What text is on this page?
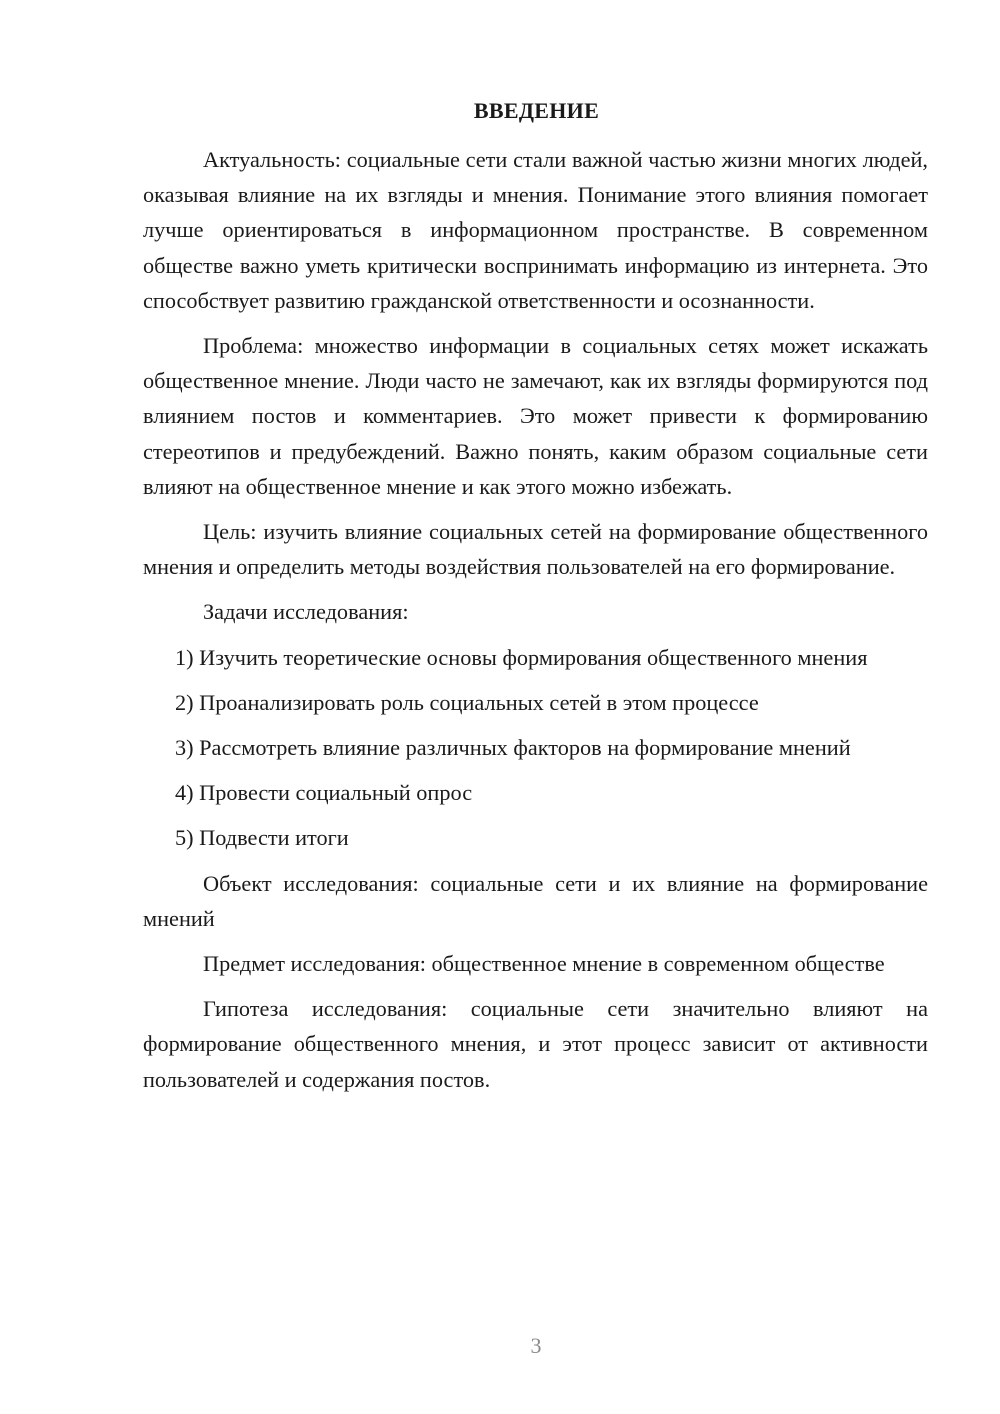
ВВЕДЕНИЕ

Актуальность: социальные сети стали важной частью жизни многих людей, оказывая влияние на их взгляды и мнения. Понимание этого влияния помогает лучше ориентироваться в информационном пространстве. В современном обществе важно уметь критически воспринимать информацию из интернета. Это способствует развитию гражданской ответственности и осознанности.

Проблема: множество информации в социальных сетях может искажать общественное мнение. Люди часто не замечают, как их взгляды формируются под влиянием постов и комментариев. Это может привести к формированию стереотипов и предубеждений. Важно понять, каким образом социальные сети влияют на общественное мнение и как этого можно избежать.

Цель: изучить влияние социальных сетей на формирование общественного мнения и определить методы воздействия пользователей на его формирование.

Задачи исследования:

1) Изучить теоретические основы формирования общественного мнения

2) Проанализировать роль социальных сетей в этом процессе

3) Рассмотреть влияние различных факторов на формирование мнений

4) Провести социальный опрос

5) Подвести итоги

Объект исследования: социальные сети и их влияние на формирование мнений

Предмет исследования: общественное мнение в современном обществе

Гипотеза исследования: социальные сети значительно влияют на формирование общественного мнения, и этот процесс зависит от активности пользователей и содержания постов.

3
